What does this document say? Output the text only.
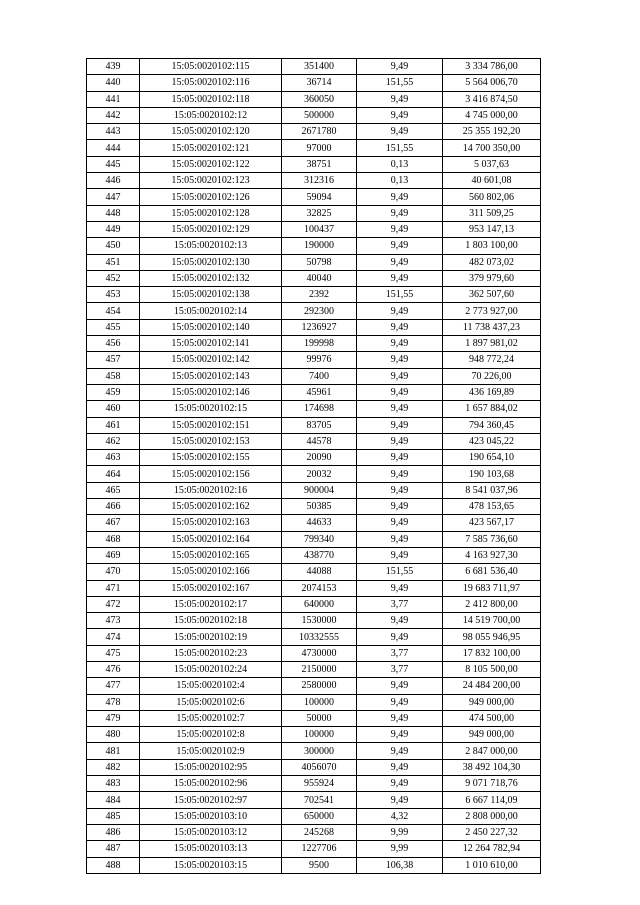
439	15:05:0020102:115	351400	9,49	3 334 786,00
440	15:05:0020102:116	36714	151,55	5 564 006,70
441	15:05:0020102:118	360050	9,49	3 416 874,50
442	15:05:0020102:12	500000	9,49	4 745 000,00
443	15:05:0020102:120	2671780	9,49	25 355 192,20
444	15:05:0020102:121	97000	151,55	14 700 350,00
445	15:05:0020102:122	38751	0,13	5 037,63
446	15:05:0020102:123	312316	0,13	40 601,08
447	15:05:0020102:126	59094	9,49	560 802,06
448	15:05:0020102:128	32825	9,49	311 509,25
449	15:05:0020102:129	100437	9,49	953 147,13
450	15:05:0020102:13	190000	9,49	1 803 100,00
451	15:05:0020102:130	50798	9,49	482 073,02
452	15:05:0020102:132	40040	9,49	379 979,60
453	15:05:0020102:138	2392	151,55	362 507,60
454	15:05:0020102:14	292300	9,49	2 773 927,00
455	15:05:0020102:140	1236927	9,49	11 738 437,23
456	15:05:0020102:141	199998	9,49	1 897 981,02
457	15:05:0020102:142	99976	9,49	948 772,24
458	15:05:0020102:143	7400	9,49	70 226,00
459	15:05:0020102:146	45961	9,49	436 169,89
460	15:05:0020102:15	174698	9,49	1 657 884,02
461	15:05:0020102:151	83705	9,49	794 360,45
462	15:05:0020102:153	44578	9,49	423 045,22
463	15:05:0020102:155	20090	9,49	190 654,10
464	15:05:0020102:156	20032	9,49	190 103,68
465	15:05:0020102:16	900004	9,49	8 541 037,96
466	15:05:0020102:162	50385	9,49	478 153,65
467	15:05:0020102:163	44633	9,49	423 567,17
468	15:05:0020102:164	799340	9,49	7 585 736,60
469	15:05:0020102:165	438770	9,49	4 163 927,30
470	15:05:0020102:166	44088	151,55	6 681 536,40
471	15:05:0020102:167	2074153	9,49	19 683 711,97
472	15:05:0020102:17	640000	3,77	2 412 800,00
473	15:05:0020102:18	1530000	9,49	14 519 700,00
474	15:05:0020102:19	10332555	9,49	98 055 946,95
475	15:05:0020102:23	4730000	3,77	17 832 100,00
476	15:05:0020102:24	2150000	3,77	8 105 500,00
477	15:05:0020102:4	2580000	9,49	24 484 200,00
478	15:05:0020102:6	100000	9,49	949 000,00
479	15:05:0020102:7	50000	9,49	474 500,00
480	15:05:0020102:8	100000	9,49	949 000,00
481	15:05:0020102:9	300000	9,49	2 847 000,00
482	15:05:0020102:95	4056070	9,49	38 492 104,30
483	15:05:0020102:96	955924	9,49	9 071 718,76
484	15:05:0020102:97	702541	9,49	6 667 114,09
485	15:05:0020103:10	650000	4,32	2 808 000,00
486	15:05:0020103:12	245268	9,99	2 450 227,32
487	15:05:0020103:13	1227706	9,99	12 264 782,94
488	15:05:0020103:15	9500	106,38	1 010 610,00
